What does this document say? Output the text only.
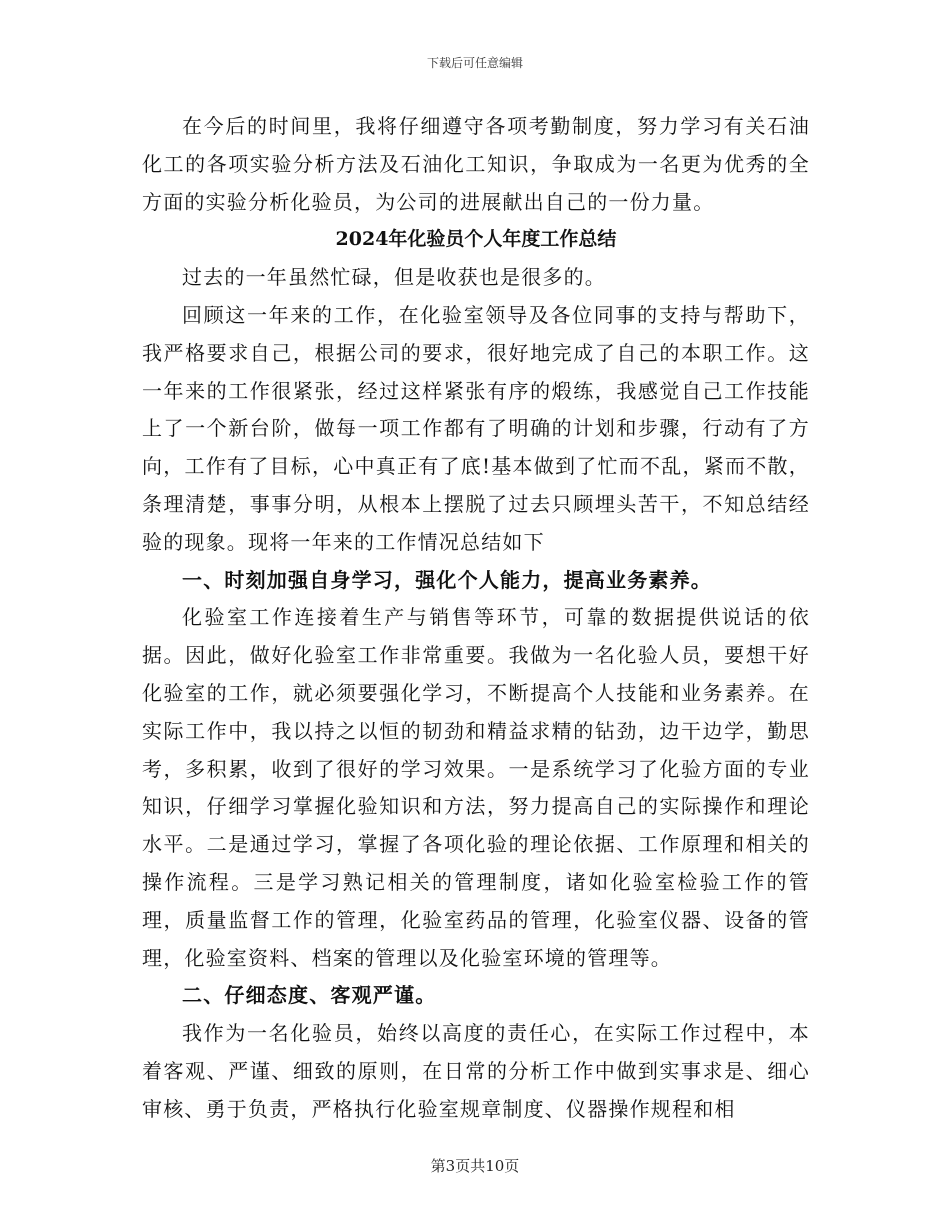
下载后可任意编辑

在今后的时间里，我将仔细遵守各项考勤制度，努力学习有关石油化工的各项实验分析方法及石油化工知识，争取成为一名更为优秀的全方面的实验分析化验员，为公司的进展献出自己的一份力量。

2024年化验员个人年度工作总结

过去的一年虽然忙碌，但是收获也是很多的。

回顾这一年来的工作，在化验室领导及各位同事的支持与帮助下，我严格要求自己，根据公司的要求，很好地完成了自己的本职工作。这一年来的工作很紧张，经过这样紧张有序的煅练，我感觉自己工作技能上了一个新台阶，做每一项工作都有了明确的计划和步骤，行动有了方向，工作有了目标，心中真正有了底!基本做到了忙而不乱，紧而不散，条理清楚，事事分明，从根本上摆脱了过去只顾埋头苦干，不知总结经验的现象。现将一年来的工作情况总结如下

一、时刻加强自身学习，强化个人能力，提高业务素养。

化验室工作连接着生产与销售等环节，可靠的数据提供说话的依据。因此，做好化验室工作非常重要。我做为一名化验人员，要想干好化验室的工作，就必须要强化学习，不断提高个人技能和业务素养。在实际工作中，我以持之以恒的韧劲和精益求精的钻劲，边干边学，勤思考，多积累，收到了很好的学习效果。一是系统学习了化验方面的专业知识，仔细学习掌握化验知识和方法，努力提高自己的实际操作和理论水平。二是通过学习，掌握了各项化验的理论依据、工作原理和相关的操作流程。三是学习熟记相关的管理制度，诸如化验室检验工作的管理，质量监督工作的管理，化验室药品的管理，化验室仪器、设备的管理，化验室资料、档案的管理以及化验室环境的管理等。

二、仔细态度、客观严谨。

我作为一名化验员，始终以高度的责任心，在实际工作过程中，本着客观、严谨、细致的原则，在日常的分析工作中做到实事求是、细心审核、勇于负责，严格执行化验室规章制度、仪器操作规程和相

第3页共10页
